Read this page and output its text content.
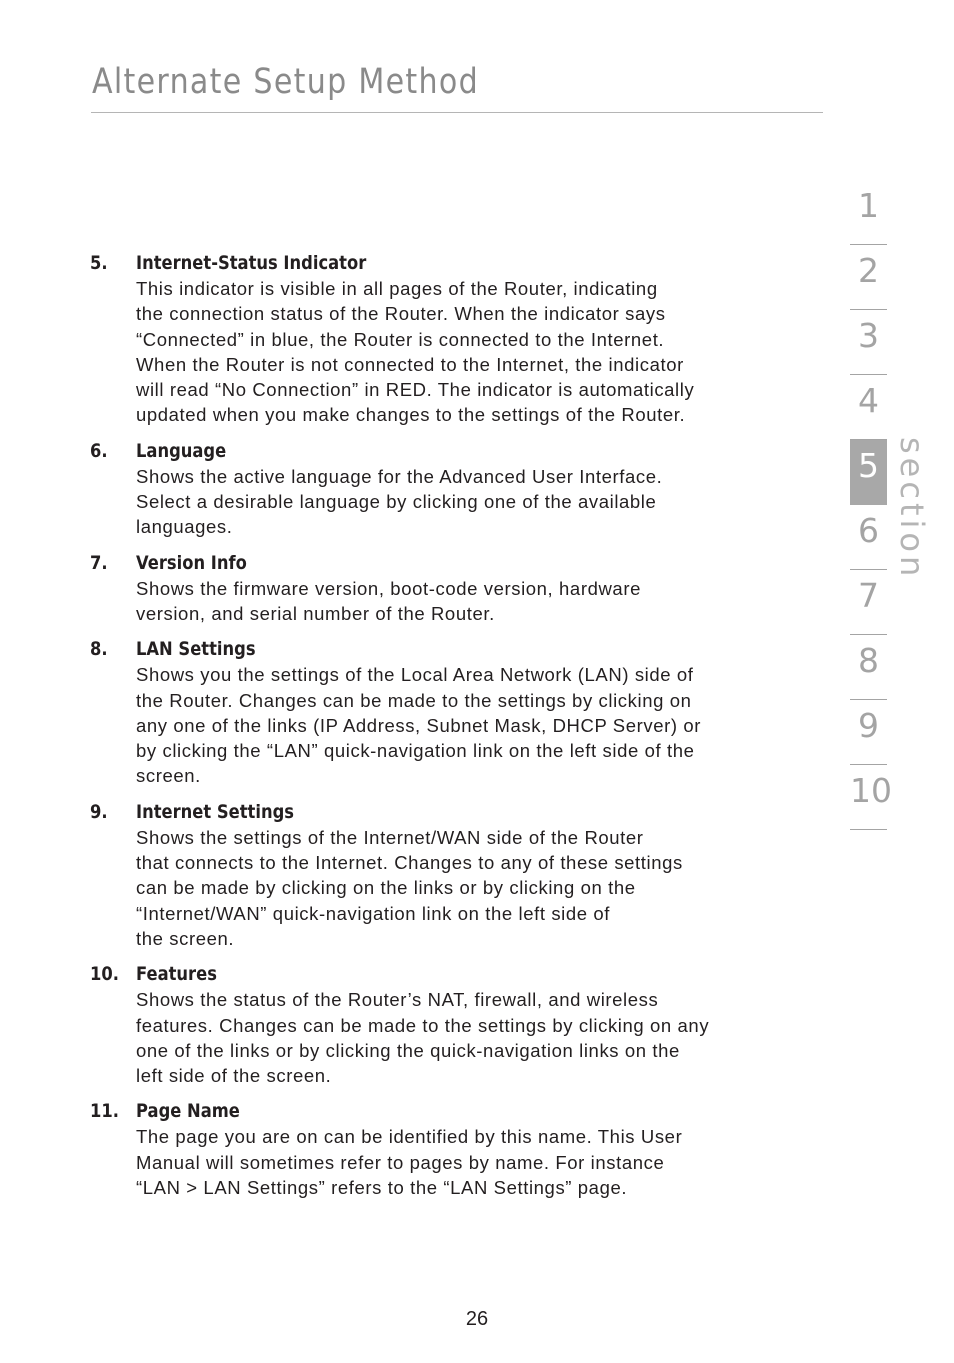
Alternate Setup Method
5. Internet-Status Indicator
This indicator is visible in all pages of the Router, indicating
the connection status of the Router. When the indicator says
“Connected” in blue, the Router is connected to the Internet.
When the Router is not connected to the Internet, the indicator
will read “No Connection” in RED. The indicator is automatically
updated when you make changes to the settings of the Router.
6. Language
Shows the active language for the Advanced User Interface.
Select a desirable language by clicking one of the available
languages.
7. Version Info
Shows the firmware version, boot-code version, hardware
version, and serial number of the Router.
8. LAN Settings
Shows you the settings of the Local Area Network (LAN) side of
the Router. Changes can be made to the settings by clicking on
any one of the links (IP Address, Subnet Mask, DHCP Server) or
by clicking the “LAN” quick-navigation link on the left side of the
screen.
9. Internet Settings
Shows the settings of the Internet/WAN side of the Router
that connects to the Internet. Changes to any of these settings
can be made by clicking on the links or by clicking on the
“Internet/WAN” quick-navigation link on the left side of
the screen.
10. Features
Shows the status of the Router’s NAT, firewall, and wireless
features. Changes can be made to the settings by clicking on any
one of the links or by clicking the quick-navigation links on the
left side of the screen.
11. Page Name
The page you are on can be identified by this name. This User
Manual will sometimes refer to pages by name. For instance
“LAN > LAN Settings” refers to the “LAN Settings” page.
1
2
3
4
5
6
7
8
9
10
section
26
